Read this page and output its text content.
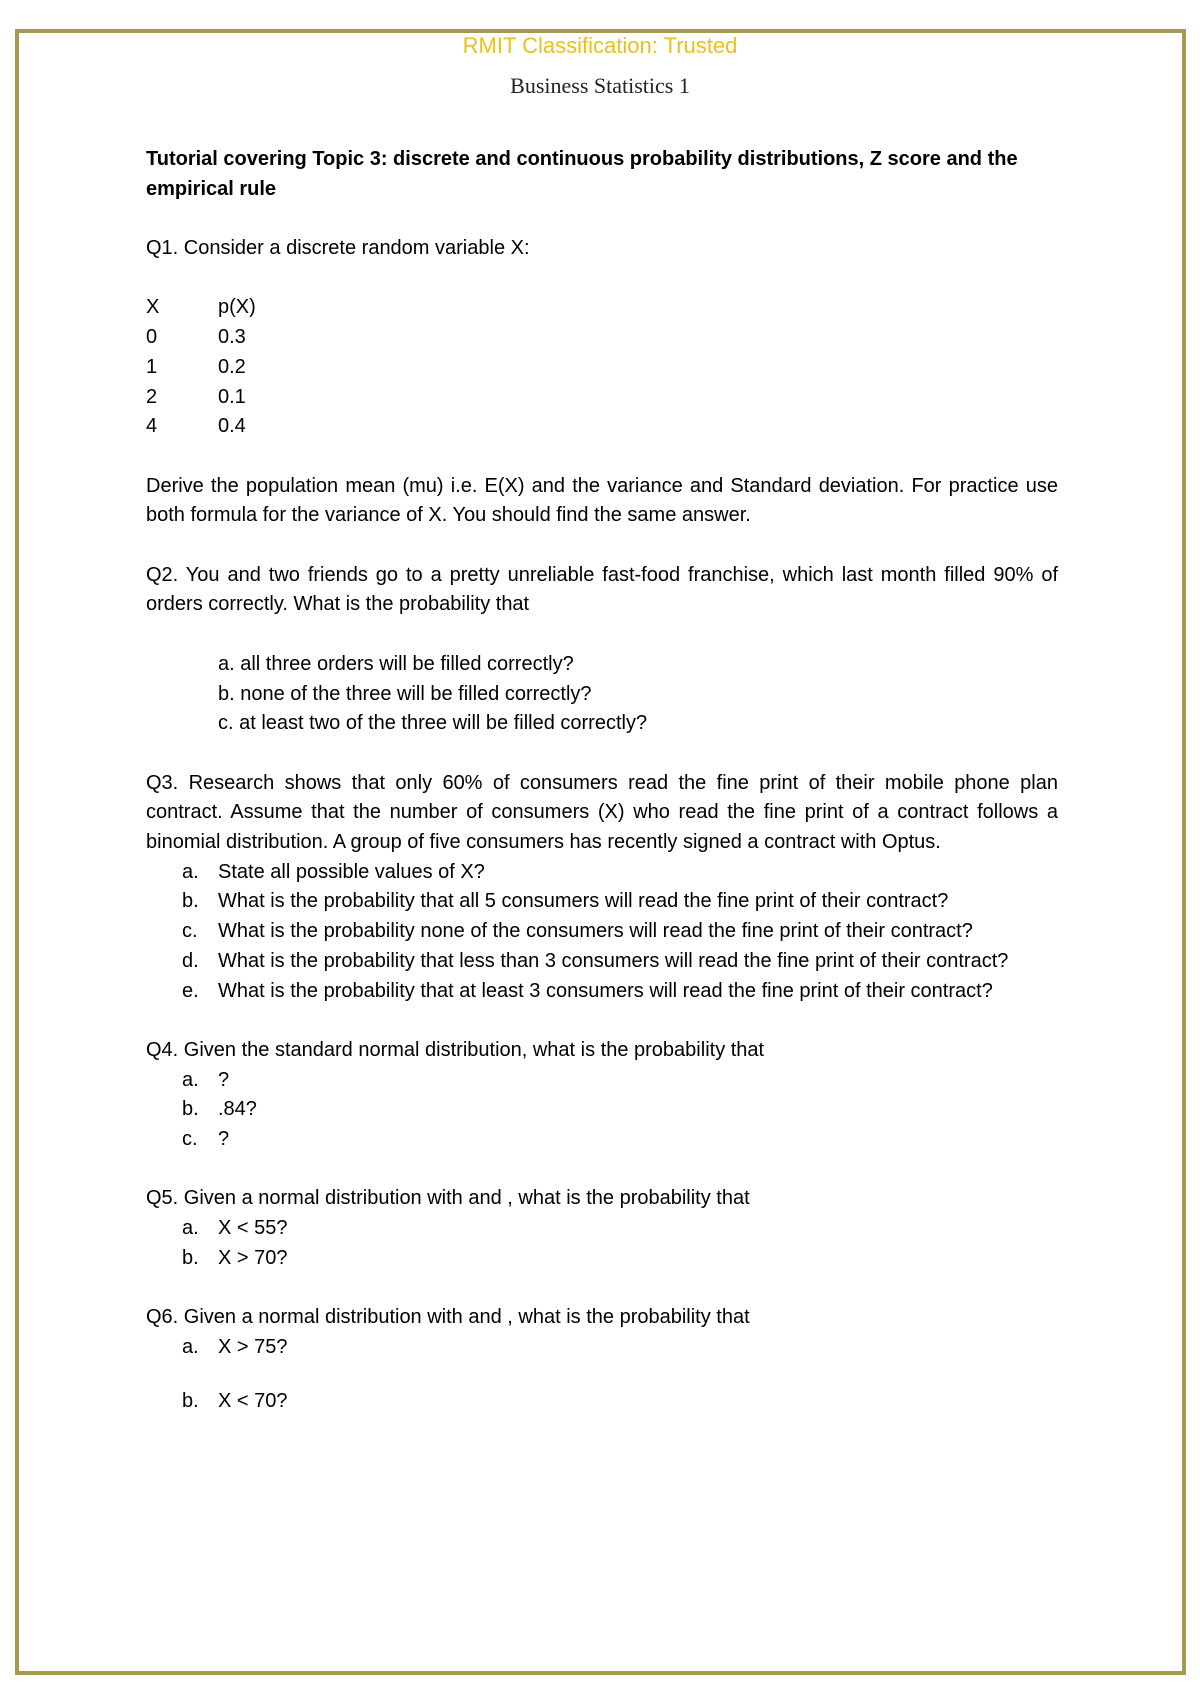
RMIT Classification: Trusted
Business Statistics 1

Tutorial covering Topic 3: discrete and continuous probability distributions, Z score and the empirical rule

Q1. Consider a discrete random variable X:

X	p(X)
0	0.3
1	0.2
2	0.1
4	0.4

Derive the population mean (mu) i.e. E(X) and the variance and Standard deviation. For practice use both formula for the variance of X. You should find the same answer.

Q2. You and two friends go to a pretty unreliable fast-food franchise, which last month filled 90% of orders correctly. What is the probability that

a. all three orders will be filled correctly?

b. none of the three will be filled correctly?

c. at least two of the three will be filled correctly?

Q3. Research shows that only 60% of consumers read the fine print of their mobile phone plan contract. Assume that the number of consumers (X) who read the fine print of a contract follows a binomial distribution. A group of five consumers has recently signed a contract with Optus.

a. State all possible values of X?
b. What is the probability that all 5 consumers will read the fine print of their contract?
c.	What is the probability none of the consumers will read the fine print of their contract?
d. What is the probability that less than 3 consumers will read the fine print of their contract?
e. What is the probability that at least 3 consumers will read the fine print of their contract?

Q4. Given the standard normal distribution, what is the probability that

a. ?
b. .84?
c.	?

Q5. Given a normal distribution with and , what is the probability that

a. X < 55?
b. X > 70?

Q6. Given a normal distribution with and , what is the probability that

a. X > 75?
b. X < 70?
